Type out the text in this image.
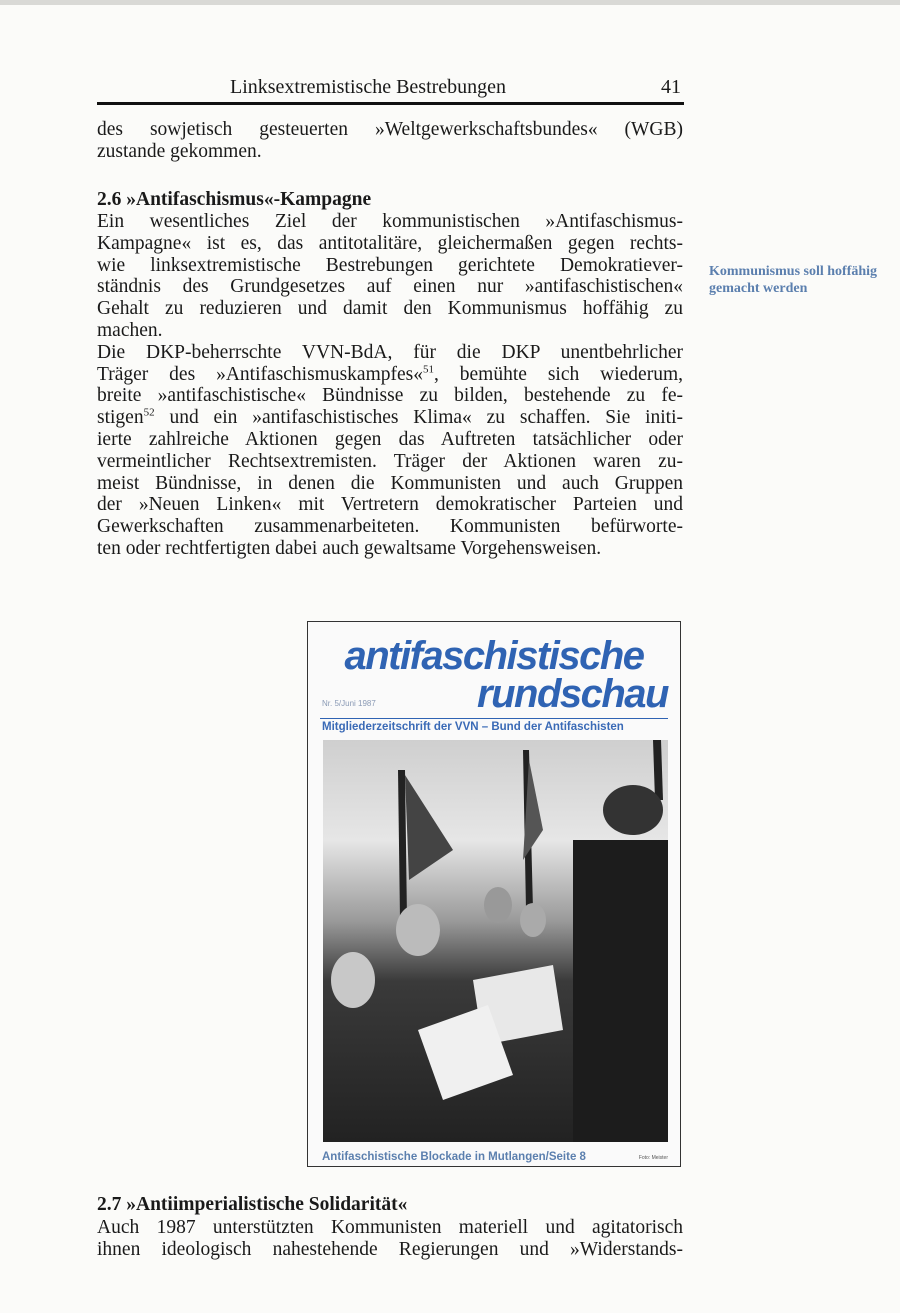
Linksextremistische Bestrebungen	41
des sowjetisch gesteuerten »Weltgewerkschaftsbundes« (WGB)
zustande gekommen.
2.6 »Antifaschismus«-Kampagne
Ein wesentliches Ziel der kommunistischen »Antifaschismus-
Kampagne« ist es, das antitotalitäre, gleichermaßen gegen rechts-
wie linksextremistische Bestrebungen gerichtete Demokratiever-
ständnis des Grundgesetzes auf einen nur »antifaschistischen«
Gehalt zu reduzieren und damit den Kommunismus hoffähig zu
machen.
Die DKP-beherrschte VVN-BdA, für die DKP unentbehrlicher
Träger des »Antifaschismuskampfes«$^{51}$, bemühte sich wiederum,
breite »antifaschistische« Bündnisse zu bilden, bestehende zu fe-
stigen$^{52}$ und ein »antifaschistisches Klima« zu schaffen. Sie initi-
ierte zahlreiche Aktionen gegen das Auftreten tatsächlicher oder
vermeintlicher Rechtsextremisten. Träger der Aktionen waren zu-
meist Bündnisse, in denen die Kommunisten und auch Gruppen
der »Neuen Linken« mit Vertretern demokratischer Parteien und
Gewerkschaften zusammenarbeiteten. Kommunisten befürworte-
ten oder rechtfertigten dabei auch gewaltsame Vorgehensweisen.
Kommunismus soll hoffähig gemacht werden
antifaschistische
rundschau
Nr. 5/Juni 1987
Mitgliederzeitschrift der VVN – Bund der Antifaschisten
Antifaschistische Blockade in Mutlangen/Seite 8	Foto: Meister
2.7 »Antiimperialistische Solidarität«
Auch 1987 unterstützten Kommunisten materiell und agitatorisch
ihnen ideologisch nahestehende Regierungen und »Widerstands-
